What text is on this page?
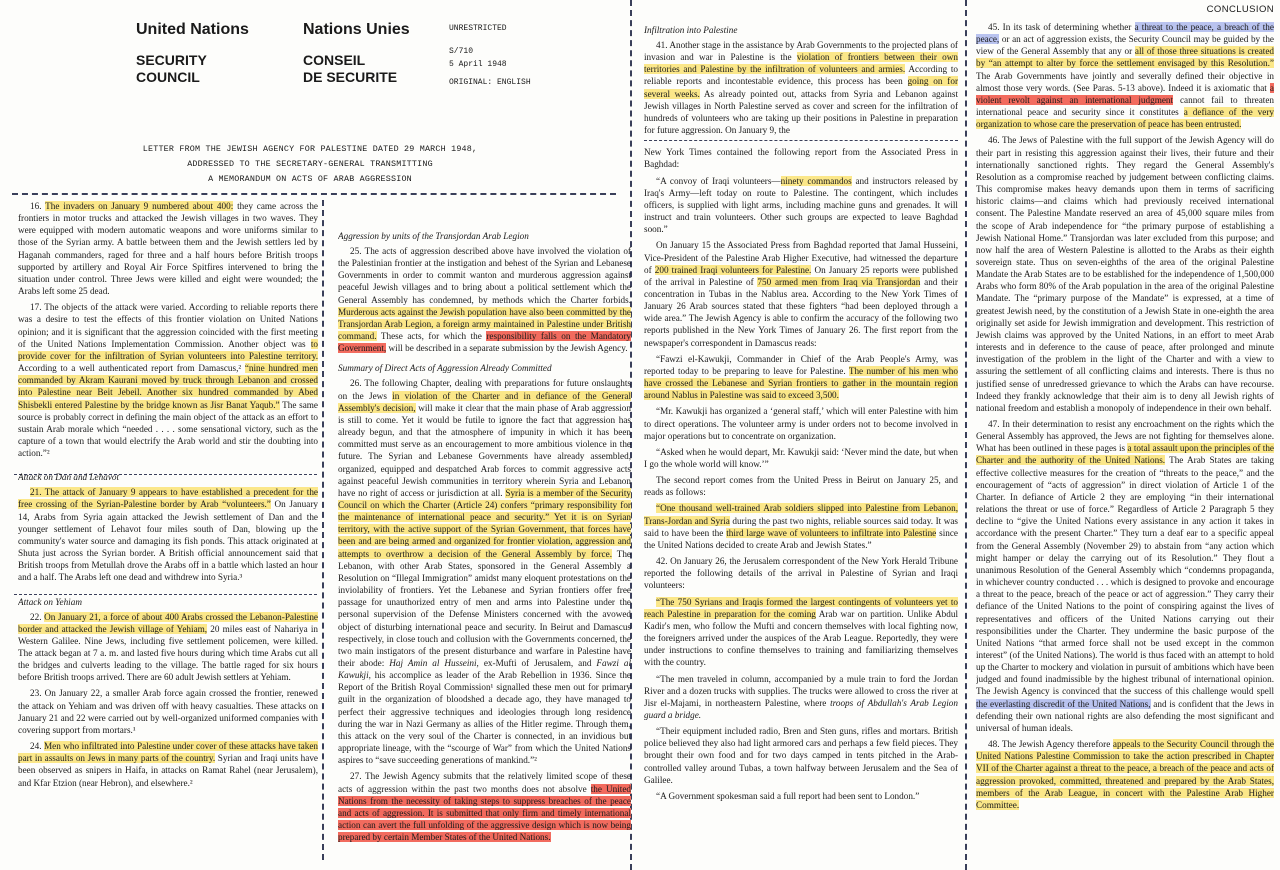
United Nations	Nations Unies
SECURITY
COUNCIL
CONSEIL
DE SECURITE
UNRESTRICTED
S/710
5 April 1948
ORIGINAL: ENGLISH
LETTER FROM THE JEWISH AGENCY FOR PALESTINE DATED 29 MARCH 1948,
ADDRESSED TO THE SECRETARY-GENERAL TRANSMITTING
A MEMORANDUM ON ACTS OF ARAB AGGRESSION

16. The invaders on January 9 numbered about 400: they came across the frontiers in motor trucks and attacked the Jewish villages in two waves. They were equipped with modern automatic weapons and wore uniforms similar to those of the Syrian army. A battle between them and the Jewish settlers led by Haganah commanders, raged for three and a half hours before British troops supported by artillery and Royal Air Force Spitfires intervened to bring the situation under control. Three Jews were killed and eight were wounded; the Arabs left some 25 dead.

17. The objects of the attack were varied. According to reliable reports there was a desire to test the effects of this frontier violation on United Nations opinion; and it is significant that the aggression coincided with the first meeting of the United Nations Implementation Commission. Another object was to provide cover for the infiltration of Syrian volunteers into Palestine territory. According to a well authenticated report from Damascus,² “nine hundred men commanded by Akram Kaurani moved by truck through Lebanon and crossed into Palestine near Beit Jebeil. Another six hundred commanded by Abed Shisbekli entered Palestine by the bridge known as Jisr Banat Yaqub.” The same source is probably correct in defining the main object of the attack as an effort to sustain Arab morale which “needed . . . . some sensational victory, such as the capture of a town that would electrify the Arab world and stir the doubting into action.”²

Attack on Dan and Lehavot

21. The attack of January 9 appears to have established a precedent for the free crossing of the Syrian-Palestine border by Arab “volunteers.” On January 14, Arabs from Syria again attacked the Jewish settlement of Dan and the younger settlement of Lehavot four miles south of Dan, blowing up the community's water source and damaging its fish ponds. This attack originated at Shuta just across the Syrian border. A British official announcement said that British troops from Metullah drove the Arabs off in a battle which lasted an hour and a half. The Arabs left one dead and withdrew into Syria.³

Attack on Yehiam

22. On January 21, a force of about 400 Arabs crossed the Lebanon-Palestine border and attacked the Jewish village of Yehiam, 20 miles east of Nahariya in Western Galilee. Nine Jews, including five settlement policemen, were killed. The attack began at 7 a. m. and lasted five hours during which time Arabs cut all the bridges and culverts leading to the village. The battle raged for six hours before British troops arrived. There are 60 adult Jewish settlers at Yehiam.

23. On January 22, a smaller Arab force again crossed the frontier, renewed the attack on Yehiam and was driven off with heavy casualties. These attacks on January 21 and 22 were carried out by well-organized uniformed companies with covering support from mortars.¹

24. Men who infiltrated into Palestine under cover of these attacks have taken part in assaults on Jews in many parts of the country. Syrian and Iraqi units have been observed as snipers in Haifa, in attacks on Ramat Rahel (near Jerusalem), and Kfar Etzion (near Hebron), and elsewhere.²

Aggression by units of the Transjordan Arab Legion

25. The acts of aggression described above have involved the violation of the Palestinian frontier at the instigation and behest of the Syrian and Lebanese Governments in order to commit wanton and murderous aggression against peaceful Jewish villages and to bring about a political settlement which the General Assembly has condemned, by methods which the Charter forbids. Murderous acts against the Jewish population have also been committed by the Transjordan Arab Legion, a foreign army maintained in Palestine under British command. These acts, for which the responsibility falls on the Mandatory Government, will be described in a separate submission by the Jewish Agency.

Summary of Direct Acts of Aggression Already Committed

26. The following Chapter, dealing with preparations for future onslaughts on the Jews in violation of the Charter and in defiance of the General Assembly's decision, will make it clear that the main phase of Arab aggression is still to come. Yet it would be futile to ignore the fact that aggression has already begun, and that the atmosphere of impunity in which it has been committed must serve as an encouragement to more ambitious violence in the future. The Syrian and Lebanese Governments have already assembled, organized, equipped and despatched Arab forces to commit aggressive acts against peaceful Jewish communities in territory wherein Syria and Lebanon have no right of access or jurisdiction at all. Syria is a member of the Security Council on which the Charter (Article 24) confers “primary responsibility for the maintenance of international peace and security.” Yet it is on Syrian territory, with the active support of the Syrian Government, that forces have been and are being armed and organized for frontier violation, aggression and attempts to overthrow a decision of the General Assembly by force. The Lebanon, with other Arab States, sponsored in the General Assembly a Resolution on “Illegal Immigration” amidst many eloquent protestations on the inviolability of frontiers. Yet the Lebanese and Syrian frontiers offer free passage for unauthorized entry of men and arms into Palestine under the personal supervision of the Defense Ministers concerned with the avowed object of disturbing international peace and security. In Beirut and Damascus respectively, in close touch and collusion with the Governments concerned, the two main instigators of the present disturbance and warfare in Palestine have their abode: Haj Amin al Husseini, ex-Mufti of Jerusalem, and Fawzi al Kawukji, his accomplice as leader of the Arab Rebellion in 1936. Since the Report of the British Royal Commission¹ signalled these men out for primary guilt in the organization of bloodshed a decade ago, they have managed to perfect their aggressive techniques and ideologies through long residence during the war in Nazi Germany as allies of the Hitler regime. Through them, this attack on the very soul of the Charter is connected, in an invidious but appropriate lineage, with the “scourge of War” from which the United Nations aspires to “save succeeding generations of mankind.”²

27. The Jewish Agency submits that the relatively limited scope of these acts of aggression within the past two months does not absolve the United Nations from the necessity of taking steps to suppress breaches of the peace and acts of aggression. It is submitted that only firm and timely international action can avert the full unfolding of the aggressive design which is now being prepared by certain Member States of the United Nations.

Infiltration into Palestine

41. Another stage in the assistance by Arab Governments to the projected plans of invasion and war in Palestine is the violation of frontiers between their own territories and Palestine by the infiltration of volunteers and armies. According to reliable reports and incontestable evidence, this process has been going on for several weeks. As already pointed out, attacks from Syria and Lebanon against Jewish villages in North Palestine served as cover and screen for the infiltration of hundreds of volunteers who are taking up their positions in Palestine in preparation for future aggression. On January 9, the

New York Times contained the following report from the Associated Press in Baghdad:

“A convoy of Iraqi volunteers—ninety commandos and instructors released by Iraq's Army—left today on route to Palestine. The contingent, which includes officers, is supplied with light arms, including machine guns and grenades. It will instruct and train volunteers. Other such groups are expected to leave Baghdad soon.”

On January 15 the Associated Press from Baghdad reported that Jamal Husseini, Vice-President of the Palestine Arab Higher Executive, had witnessed the departure of 200 trained Iraqi volunteers for Palestine. On January 25 reports were published of the arrival in Palestine of 750 armed men from Iraq via Transjordan and their concentration in Tubas in the Nablus area. According to the New York Times of January 26 Arab sources stated that these fighters “had been deployed through a wide area.” The Jewish Agency is able to confirm the accuracy of the following two reports published in the New York Times of January 26. The first report from the newspaper's correspondent in Damascus reads:

“Fawzi el-Kawukji, Commander in Chief of the Arab People's Army, was reported today to be preparing to leave for Palestine. The number of his men who have crossed the Lebanese and Syrian frontiers to gather in the mountain region around Nablus in Palestine was said to exceed 3,500.

“Mr. Kawukji has organized a ‘general staff,’ which will enter Palestine with him to direct operations. The volunteer army is under orders not to become involved in major operations but to concentrate on organization.

“Asked when he would depart, Mr. Kawukji said: ‘Never mind the date, but when I go the whole world will know.’”

The second report comes from the United Press in Beirut on January 25, and reads as follows:

“One thousand well-trained Arab soldiers slipped into Palestine from Lebanon, Trans-Jordan and Syria during the past two nights, reliable sources said today. It was said to have been the third large wave of volunteers to infiltrate into Palestine since the United Nations decided to create Arab and Jewish States.”

42. On January 26, the Jerusalem correspondent of the New York Herald Tribune reported the following details of the arrival in Palestine of Syrian and Iraqi volunteers:

“The 750 Syrians and Iraqis formed the largest contingents of volunteers yet to reach Palestine in preparation for the coming Arab war on partition. Unlike Abdul Kadir's men, who follow the Mufti and concern themselves with local fighting now, the foreigners arrived under the auspices of the Arab League. Reportedly, they were under instructions to confine themselves to training and familiarizing themselves with the country.

“The men traveled in column, accompanied by a mule train to ford the Jordan River and a dozen trucks with supplies. The trucks were allowed to cross the river at Jisr el-Majami, in northeastern Palestine, where troops of Abdullah's Arab Legion guard a bridge.

“Their equipment included radio, Bren and Sten guns, rifles and mortars. British police believed they also had light armored cars and perhaps a few field pieces. They brought their own food and for two days camped in tents pitched in the Arab-controlled valley around Tubas, a town halfway between Jerusalem and the Sea of Galilee.

“A Government spokesman said a full report had been sent to London.”

CONCLUSION

45. In its task of determining whether a threat to the peace, a breach of the peace, or an act of aggression exists, the Security Council may be guided by the view of the General Assembly that any or all of those three situations is created by “an attempt to alter by force the settlement envisaged by this Resolution.” The Arab Governments have jointly and severally defined their objective in almost those very words. (See Paras. 5-13 above). Indeed it is axiomatic that a violent revolt against an international judgment cannot fail to threaten international peace and security since it constitutes a defiance of the very organization to whose care the preservation of peace has been entrusted.

46. The Jews of Palestine with the full support of the Jewish Agency will do their part in resisting this aggression against their lives, their future and their internationally sanctioned rights. They regard the General Assembly's Resolution as a compromise reached by judgement between conflicting claims. This compromise makes heavy demands upon them in terms of sacrificing historic claims—and claims which had previously received international consent. The Palestine Mandate reserved an area of 45,000 square miles from the scope of Arab independence for “the primary purpose of establishing a Jewish National Home.” Transjordan was later excluded from this purpose; and now half the area of Western Palestine is allotted to the Arabs as their eighth sovereign state. Thus on seven-eighths of the area of the original Palestine Mandate the Arab States are to be established for the independence of 1,500,000 Arabs who form 80% of the Arab population in the area of the original Palestine Mandate. The “primary purpose of the Mandate” is expressed, at a time of greatest Jewish need, by the constitution of a Jewish State in one-eighth the area originally set aside for Jewish immigration and development. This restriction of Jewish claims was approved by the United Nations, in an effort to meet Arab interests and in deference to the cause of peace, after prolonged and minute investigation of the problem in the light of the Charter and with a view to assuring the settlement of all conflicting claims and interests. There is thus no justified sense of unredressed grievance to which the Arabs can have recourse. Indeed they frankly acknowledge that their aim is to deny all Jewish rights of national freedom and establish a monopoly of independence in their own behalf.

47. In their determination to resist any encroachment on the rights which the General Assembly has approved, the Jews are not fighting for themselves alone. What has been outlined in these pages is a total assault upon the principles of the Charter and the authority of the United Nations. The Arab States are taking effective collective measures for the creation of “threats to the peace,” and the encouragement of “acts of aggression” in direct violation of Article 1 of the Charter. In defiance of Article 2 they are employing “in their international relations the threat or use of force.” Regardless of Article 2 Paragraph 5 they decline to “give the United Nations every assistance in any action it takes in accordance with the present Charter.” They turn a deaf ear to a specific appeal from the General Assembly (November 29) to abstain from “any action which might hamper or delay the carrying out of its Resolution.” They flout a unanimous Resolution of the General Assembly which “condemns propaganda, in whichever country conducted . . . which is designed to provoke and encourage a threat to the peace, breach of the peace or act of aggression.” They carry their defiance of the United Nations to the point of conspiring against the lives of representatives and officers of the United Nations carrying out their responsibilities under the Charter. They undermine the basic purpose of the United Nations “that armed force shall not be used except in the common interest” (of the United Nations). The world is thus faced with an attempt to hold up the Charter to mockery and violation in pursuit of ambitions which have been judged and found inadmissible by the highest tribunal of international opinion. The Jewish Agency is convinced that the success of this challenge would spell the everlasting discredit of the United Nations, and is confident that the Jews in defending their own national rights are also defending the most significant and universal of human ideals.

48. The Jewish Agency therefore appeals to the Security Council through the United Nations Palestine Commission to take the action prescribed in Chapter VII of the Charter against a threat to the peace, a breach of the peace and acts of aggression provoked, committed, threatened and prepared by the Arab States, members of the Arab League, in concert with the Palestine Arab Higher Committee.
